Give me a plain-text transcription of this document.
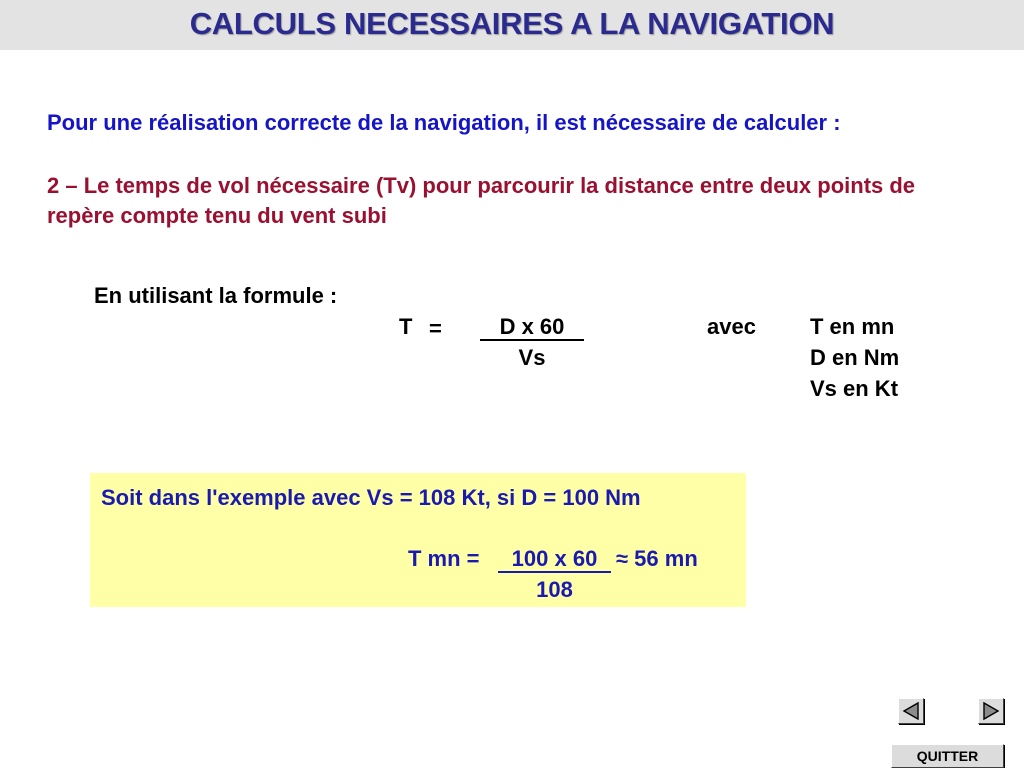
CALCULS NECESSAIRES A LA NAVIGATION
Pour une réalisation correcte de la navigation, il est nécessaire de calculer :
2 – Le temps de vol nécessaire (Tv) pour parcourir la distance entre deux points de repère compte tenu du vent subi
En utilisant la formule :
T =	D x 60
Vs
avec T en mn
D en Nm
Vs en Kt
Soit dans l'exemple avec Vs = 108 Kt, si D = 100 Nm
T mn =	100 x 60 ≈ 56 mn
108
QUITTER
